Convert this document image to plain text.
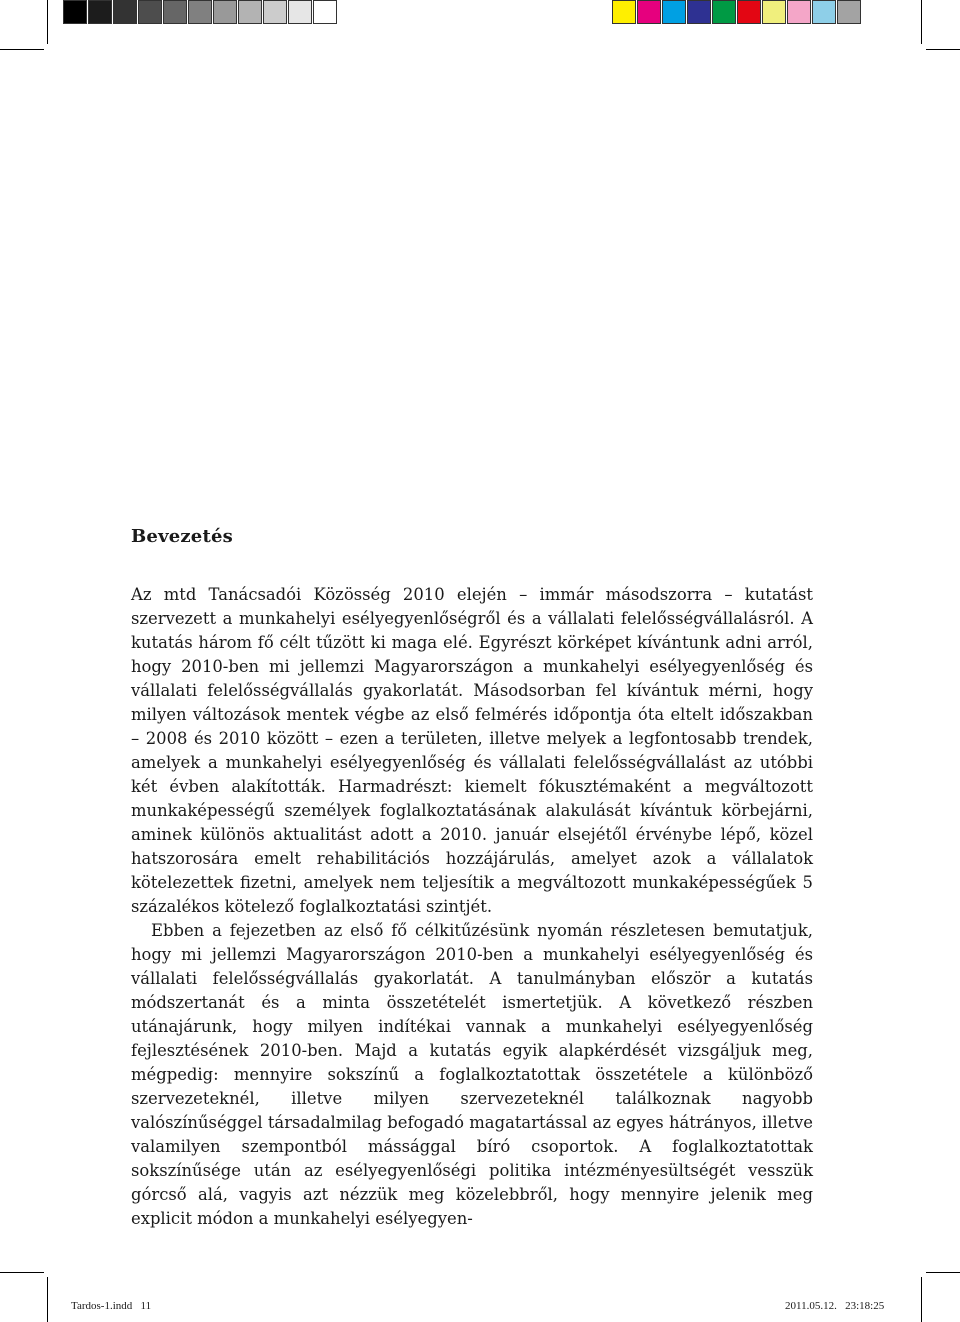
Bevezetés

Az mtd Tanácsadói Közösség 2010 elején – immár másodszorra – kutatást szervezett a munkahelyi esélyegyenlőségről és a vállalati felelősségvállalásról. A kutatás három fő célt tűzött ki maga elé. Egyrészt körképet kívántunk adni arról, hogy 2010-ben mi jellemzi Magyarországon a munkahelyi esélyegyenlőség és vállalati felelősségvállalás gyakorlatát. Másodsorban fel kívántuk mérni, hogy milyen változások mentek végbe az első felmérés időpontja óta eltelt időszakban – 2008 és 2010 között – ezen a területen, illetve melyek a legfontosabb trendek, amelyek a munkahelyi esélyegyenlőség és vállalati felelősségvállalást az utóbbi két évben alakították. Harmadrészt: kiemelt fókusztémaként a megváltozott munkaképességű személyek foglalkoztatásának alakulását kívántuk körbejárni, aminek különös aktualitást adott a 2010. január elsejétől érvénybe lépő, közel hatszorosára emelt rehabilitációs hozzájárulás, amelyet azok a vállalatok kötelezettek fizetni, amelyek nem teljesítik a megváltozott munkaképességűek 5 százalékos kötelező foglalkoztatási szintjét.

Ebben a fejezetben az első fő célkitűzésünk nyomán részletesen bemutatjuk, hogy mi jellemzi Magyarországon 2010-ben a munkahelyi esélyegyenlőség és vállalati felelősségvállalás gyakorlatát. A tanulmányban először a kutatás módszertanát és a minta összetételét ismertetjük. A következő részben utánajárunk, hogy milyen indítékai vannak a munkahelyi esélyegyenlőség fejlesztésének 2010-ben. Majd a kutatás egyik alapkérdését vizsgáljuk meg, mégpedig: mennyire sokszínű a foglalkoztatottak összetétele a különböző szervezeteknél, illetve milyen szervezeteknél találkoznak nagyobb valószínűséggel társadalmilag befogadó magatartással az egyes hátrányos, illetve valamilyen szempontból mássággal bíró csoportok. A foglalkoztatottak sokszínűsége után az esélyegyenlőségi politika intézményesültségét vesszük górcső alá, vagyis azt nézzük meg közelebbről, hogy mennyire jelenik meg explicit módon a munkahelyi esélyegyen-

Tardos-1.indd   11	2011.05.12.   23:18:25
